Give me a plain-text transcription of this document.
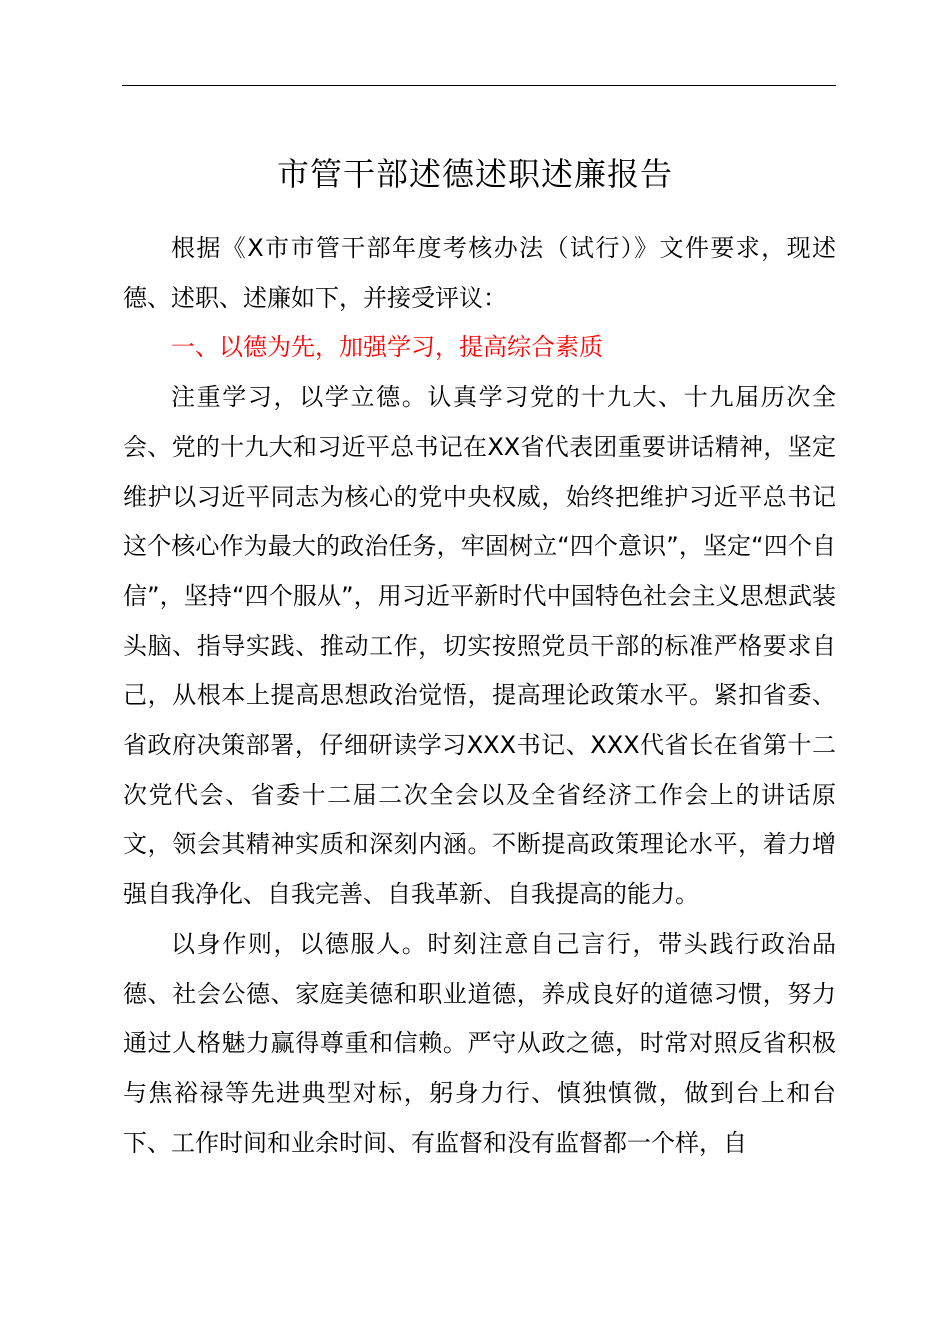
市管干部述德述职述廉报告

根据《X市市管干部年度考核办法（试行）》文件要求，现述德、述职、述廉如下，并接受评议：

一、以德为先，加强学习，提高综合素质

注重学习，以学立德。认真学习党的十九大、十九届历次全会、党的十九大和习近平总书记在XX省代表团重要讲话精神，坚定维护以习近平同志为核心的党中央权威，始终把维护习近平总书记这个核心作为最大的政治任务，牢固树立“四个意识”，坚定“四个自信”，坚持“四个服从”，用习近平新时代中国特色社会主义思想武装头脑、指导实践、推动工作，切实按照党员干部的标准严格要求自己，从根本上提高思想政治觉悟，提高理论政策水平。紧扣省委、省政府决策部署，仔细研读学习XXX书记、XXX代省长在省第十二次党代会、省委十二届二次全会以及全省经济工作会上的讲话原文，领会其精神实质和深刻内涵。不断提高政策理论水平，着力增强自我净化、自我完善、自我革新、自我提高的能力。

以身作则，以德服人。时刻注意自己言行，带头践行政治品德、社会公德、家庭美德和职业道德，养成良好的道德习惯，努力通过人格魅力赢得尊重和信赖。严守从政之德，时常对照反省积极与焦裕禄等先进典型对标，躬身力行、慎独慎微，做到台上和台下、工作时间和业余时间、有监督和没有监督都一个样，自
